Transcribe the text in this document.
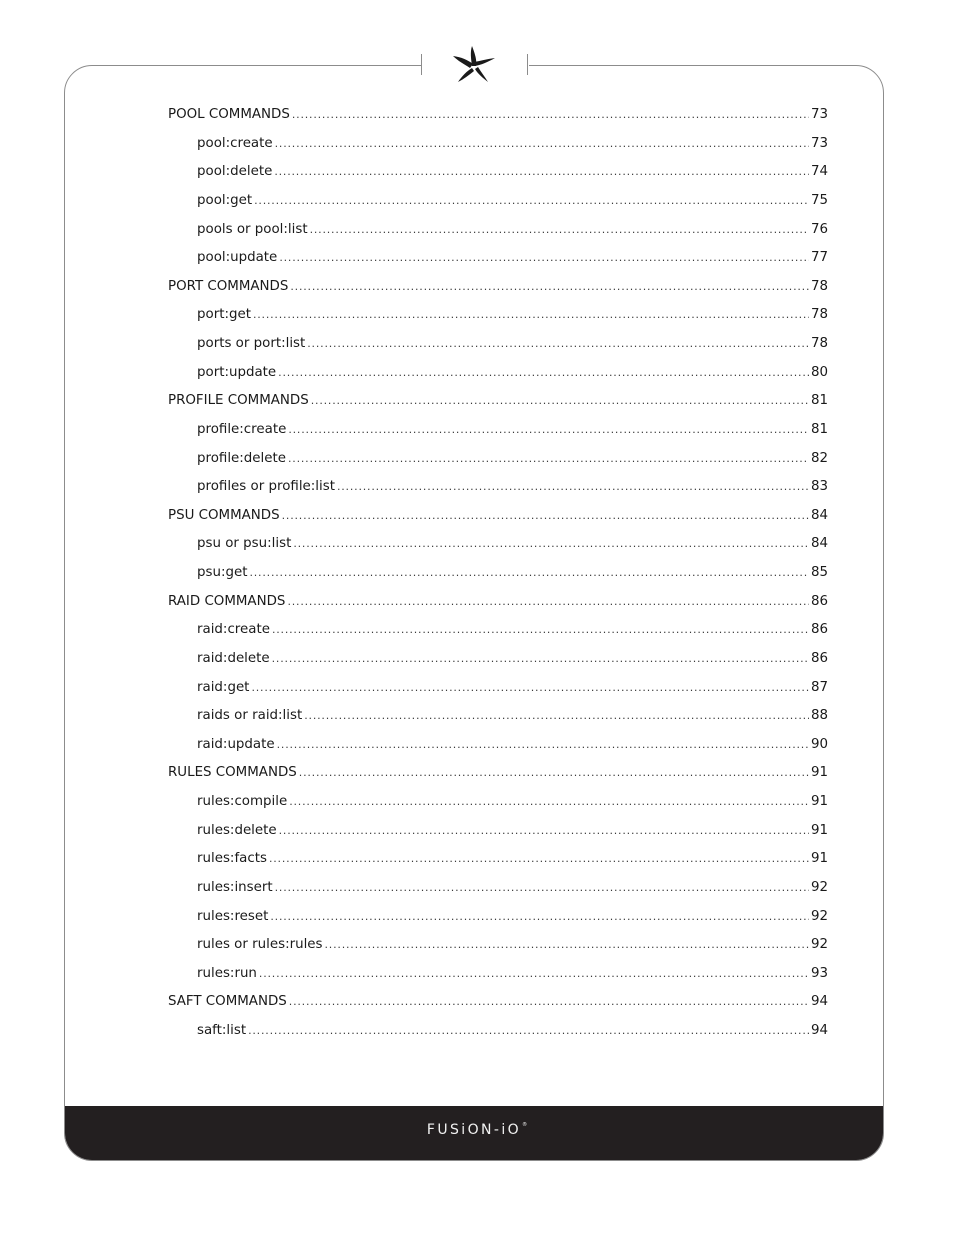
FUSiON-iO®
POOL COMMANDS .....	73
pool:create .....	73
pool:delete .....	74
pool:get .....	75
pools or pool:list .....	76
pool:update .....	77
PORT COMMANDS .....	78
port:get .....	78
ports or port:list .....	78
port:update .....	80
PROFILE COMMANDS .....	81
profile:create .....	81
profile:delete .....	82
profiles or profile:list .....	83
PSU COMMANDS .....	84
psu or psu:list .....	84
psu:get .....	85
RAID COMMANDS .....	86
raid:create .....	86
raid:delete .....	86
raid:get .....	87
raids or raid:list .....	88
raid:update .....	90
RULES COMMANDS .....	91
rules:compile .....	91
rules:delete .....	91
rules:facts .....	91
rules:insert .....	92
rules:reset .....	92
rules or rules:rules .....	92
rules:run .....	93
SAFT COMMANDS .....	94
saft:list .....	94
